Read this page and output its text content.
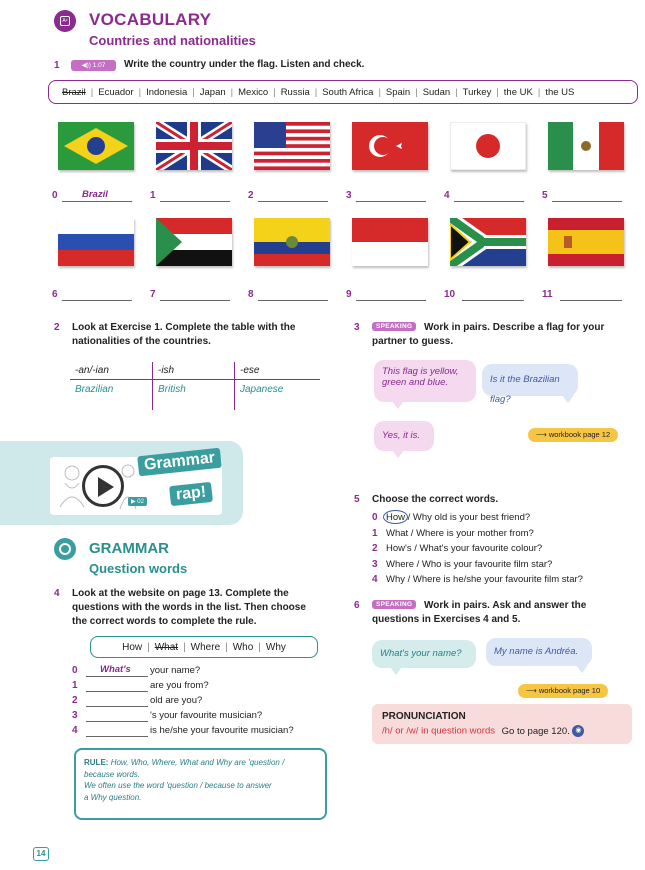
Aᶻ VOCABULARY
Countries and nationalities
1	◀)) 1.07	Write the country under the flag. Listen and check.
Brazil | Ecuador | Indonesia | Japan | Mexico | Russia | South Africa | Spain | Sudan | Turkey | the UK | the US
0	Brazil	1	2	3	4	5
6	7	8	9	10	11
2 Look at Exercise 1. Complete the table with the
nationalities of the countries.
-an/-ian	-ish	-ese
Brazilian	British	Japanese
3	SPEAKING	Work in pairs. Describe a flag for your
partner to guess.
This flag is yellow,
green and blue.	Is it the Brazilian flag?
Yes, it is.	⟶ workbook page 12
▶ 02
Grammar
rap!
GRAMMAR
Question words
4 Look at the website on page 13. Complete the
questions with the words in the list. Then choose
the correct words to complete the rule.
How | What | Where | Who | Why
0 What's your name?
1	are you from?
2	old are you?
3	's your favourite musician?
4	is he/she your favourite musician?
RULE: How, Who, Where, What and Why are 'question /
because words.
We often use the word 'question / because to answer
a Why question.
5 Choose the correct words.
0 How / Why old is your best friend?
1 What / Where is your mother from?
2 How's / What's your favourite colour?
3 Where / Who is your favourite film star?
4 Why / Where is he/she your favourite film star?
6	SPEAKING	Work in pairs. Ask and answer the
questions in Exercises 4 and 5.
What's your name?	My name is Andréa.
⟶ workbook page 10
PRONUNCIATION
/h/ or /w/ in question words Go to page 120. ◉
14
